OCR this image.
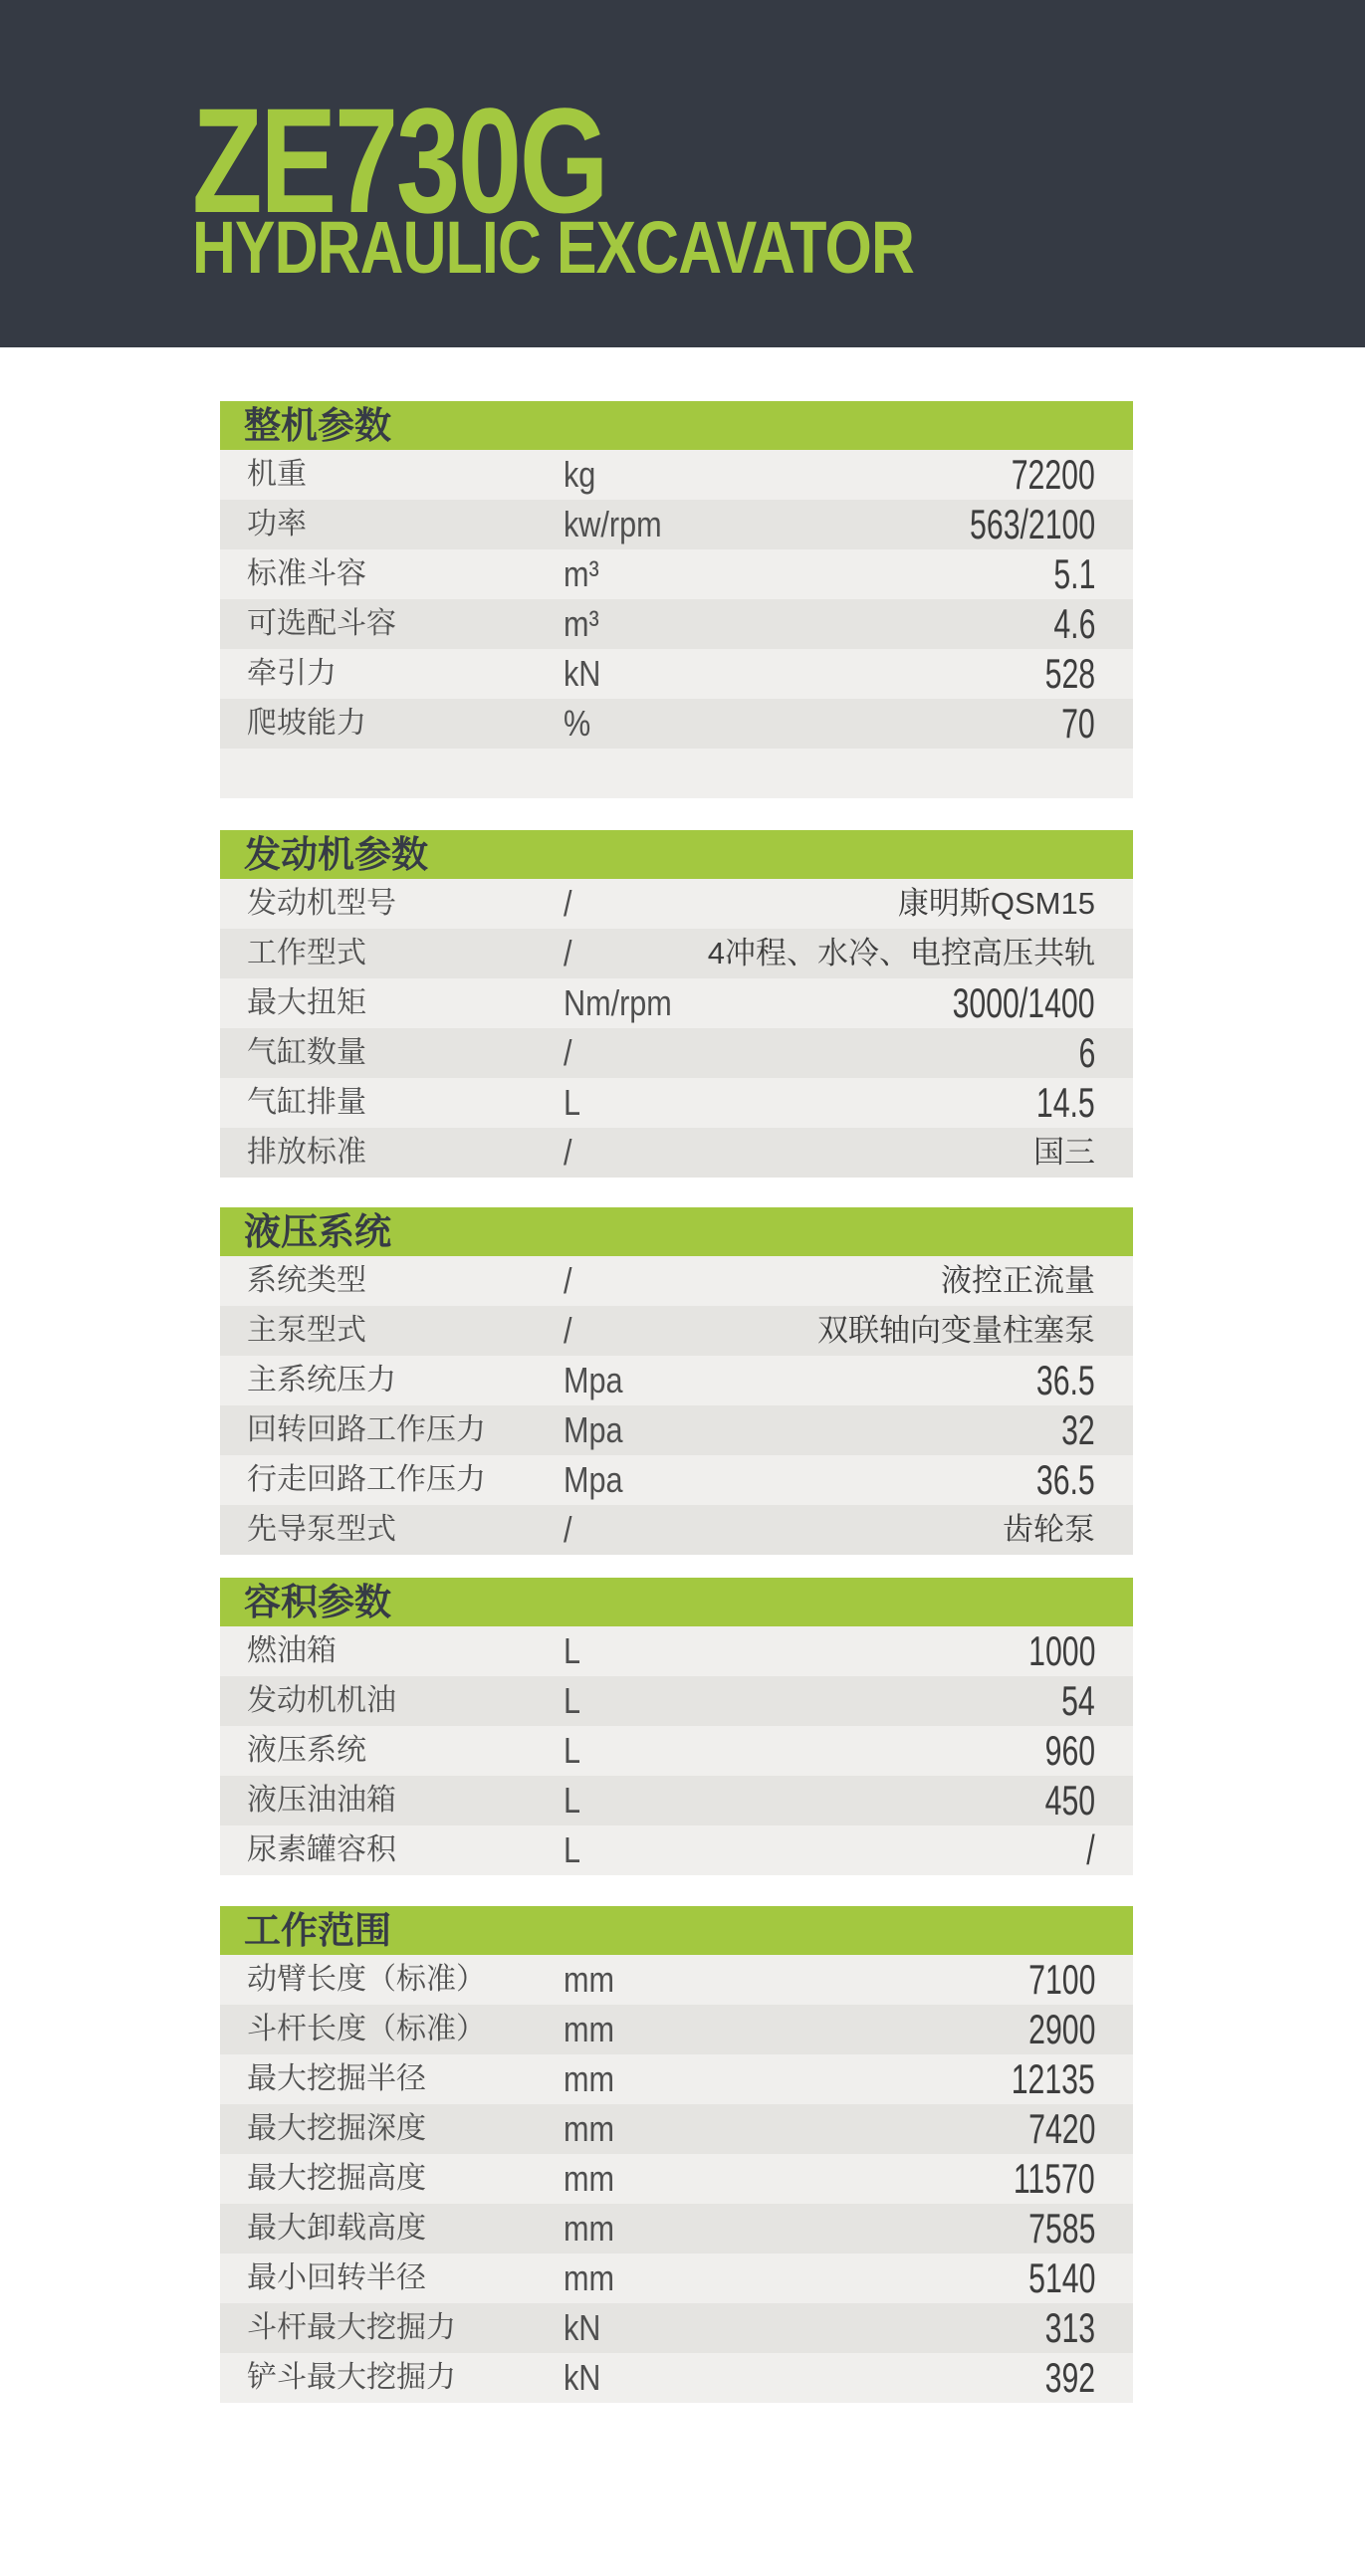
ZE730G
HYDRAULIC EXCAVATOR
整机参数
机重	kg	72200
功率	kw/rpm	563/2100
标准斗容	m³	5.1
可选配斗容	m³	4.6
牵引力	kN	528
爬坡能力	%	70
发动机参数
发动机型号	/	康明斯QSM15
工作型式	/	4冲程、水冷、电控高压共轨
最大扭矩	Nm/rpm	3000/1400
气缸数量	/	6
气缸排量	L	14.5
排放标准	/	国三
液压系统
系统类型	/	液控正流量
主泵型式	/	双联轴向变量柱塞泵
主系统压力	Mpa	36.5
回转回路工作压力 Mpa	32
行走回路工作压力 Mpa	36.5
先导泵型式	/	齿轮泵
容积参数
燃油箱	L	1000
发动机机油	L	54
液压系统	L	960
液压油油箱	L	450
尿素罐容积	L	/
工作范围
动臂长度（标准） mm	7100
斗杆长度（标准） mm	2900
最大挖掘半径	mm	12135
最大挖掘深度	mm	7420
最大挖掘高度	mm	11570
最大卸载高度	mm	7585
最小回转半径	mm	5140
斗杆最大挖掘力	kN	313
铲斗最大挖掘力	kN	392
